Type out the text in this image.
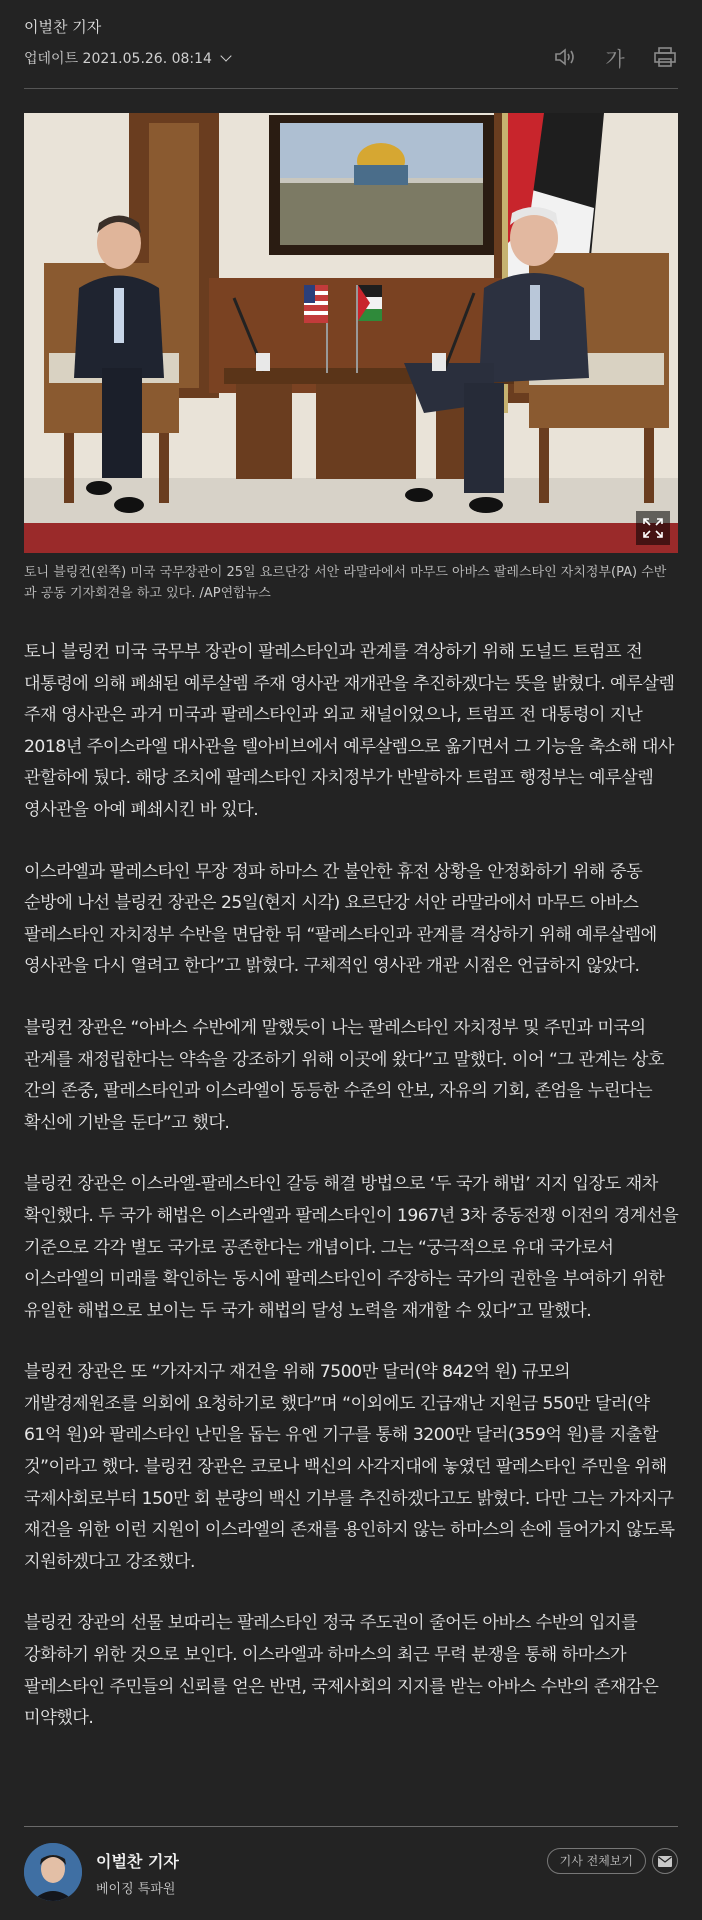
이벌찬 기자
업데이트 2021.05.26. 08:14	가
토니 블링컨(왼쪽) 미국 국무장관이 25일 요르단강 서안 라말라에서 마무드 아바스 팔레스타인 자치정부(PA) 수반과 공동 기자회견을 하고 있다. /AP연합뉴스

토니 블링컨 미국 국무부 장관이 팔레스타인과 관계를 격상하기 위해 도널드 트럼프 전 대통령에 의해 폐쇄된 예루살렘 주재 영사관 재개관을 추진하겠다는 뜻을 밝혔다. 예루살렘 주재 영사관은 과거 미국과 팔레스타인과 외교 채널이었으나, 트럼프 전 대통령이 지난 2018년 주이스라엘 대사관을 텔아비브에서 예루살렘으로 옮기면서 그 기능을 축소해 대사 관할하에 뒀다. 해당 조치에 팔레스타인 자치정부가 반발하자 트럼프 행정부는 예루살렘 영사관을 아예 폐쇄시킨 바 있다.

이스라엘과 팔레스타인 무장 정파 하마스 간 불안한 휴전 상황을 안정화하기 위해 중동 순방에 나선 블링컨 장관은 25일(현지 시각) 요르단강 서안 라말라에서 마무드 아바스 팔레스타인 자치정부 수반을 면담한 뒤 “팔레스타인과 관계를 격상하기 위해 예루살렘에 영사관을 다시 열려고 한다”고 밝혔다. 구체적인 영사관 개관 시점은 언급하지 않았다.

블링컨 장관은 “아바스 수반에게 말했듯이 나는 팔레스타인 자치정부 및 주민과 미국의 관계를 재정립한다는 약속을 강조하기 위해 이곳에 왔다”고 말했다. 이어 “그 관계는 상호 간의 존중, 팔레스타인과 이스라엘이 동등한 수준의 안보, 자유의 기회, 존엄을 누린다는 확신에 기반을 둔다”고 했다.

블링컨 장관은 이스라엘-팔레스타인 갈등 해결 방법으로 ‘두 국가 해법’ 지지 입장도 재차 확인했다. 두 국가 해법은 이스라엘과 팔레스타인이 1967년 3차 중동전쟁 이전의 경계선을 기준으로 각각 별도 국가로 공존한다는 개념이다. 그는 “궁극적으로 유대 국가로서 이스라엘의 미래를 확인하는 동시에 팔레스타인이 주장하는 국가의 권한을 부여하기 위한 유일한 해법으로 보이는 두 국가 해법의 달성 노력을 재개할 수 있다”고 말했다.

블링컨 장관은 또 “가자지구 재건을 위해 7500만 달러(약 842억 원) 규모의 개발경제원조를 의회에 요청하기로 했다”며 “이외에도 긴급재난 지원금 550만 달러(약 61억 원)와 팔레스타인 난민을 돕는 유엔 기구를 통해 3200만 달러(359억 원)를 지출할 것”이라고 했다. 블링컨 장관은 코로나 백신의 사각지대에 놓였던 팔레스타인 주민을 위해 국제사회로부터 150만 회 분량의 백신 기부를 추진하겠다고도 밝혔다. 다만 그는 가자지구 재건을 위한 이런 지원이 이스라엘의 존재를 용인하지 않는 하마스의 손에 들어가지 않도록 지원하겠다고 강조했다.

블링컨 장관의 선물 보따리는 팔레스타인 정국 주도권이 줄어든 아바스 수반의 입지를 강화하기 위한 것으로 보인다. 이스라엘과 하마스의 최근 무력 분쟁을 통해 하마스가 팔레스타인 주민들의 신뢰를 얻은 반면, 국제사회의 지지를 받는 아바스 수반의 존재감은 미약했다.

이벌찬 기자
베이징 특파원
기사 전체보기
